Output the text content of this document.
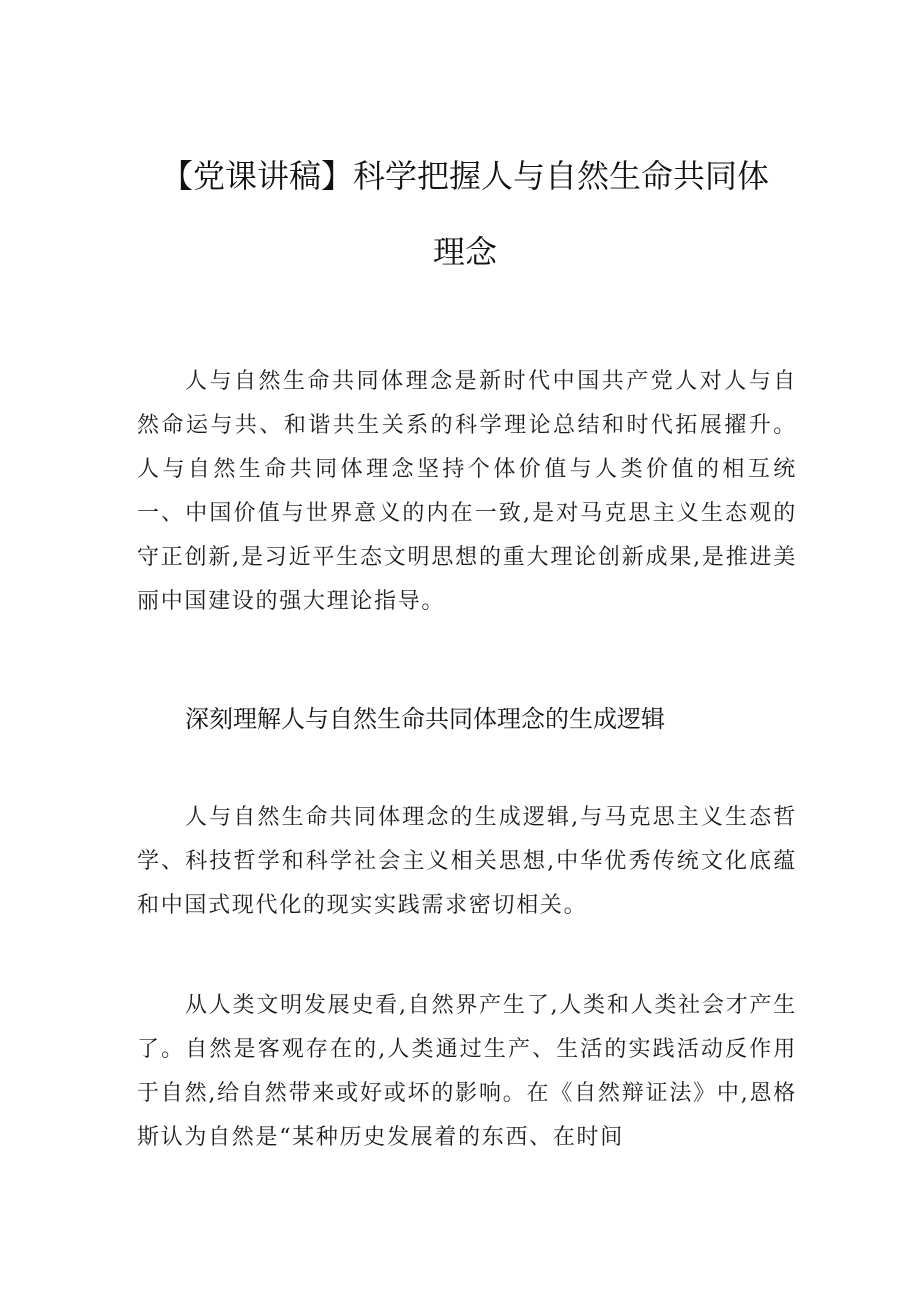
【党课讲稿】科学把握人与自然生命共同体
理念

人与自然生命共同体理念是新时代中国共产党人对人与自然命运与共、和谐共生关系的科学理论总结和时代拓展擢升。人与自然生命共同体理念坚持个体价值与人类价值的相互统一、中国价值与世界意义的内在一致,是对马克思主义生态观的守正创新,是习近平生态文明思想的重大理论创新成果,是推进美丽中国建设的强大理论指导。

深刻理解人与自然生命共同体理念的生成逻辑

人与自然生命共同体理念的生成逻辑,与马克思主义生态哲学、科技哲学和科学社会主义相关思想,中华优秀传统文化底蕴和中国式现代化的现实实践需求密切相关。

从人类文明发展史看,自然界产生了,人类和人类社会才产生了。自然是客观存在的,人类通过生产、生活的实践活动反作用于自然,给自然带来或好或坏的影响。在《自然辩证法》中,恩格斯认为自然是“某种历史发展着的东西、在时间
